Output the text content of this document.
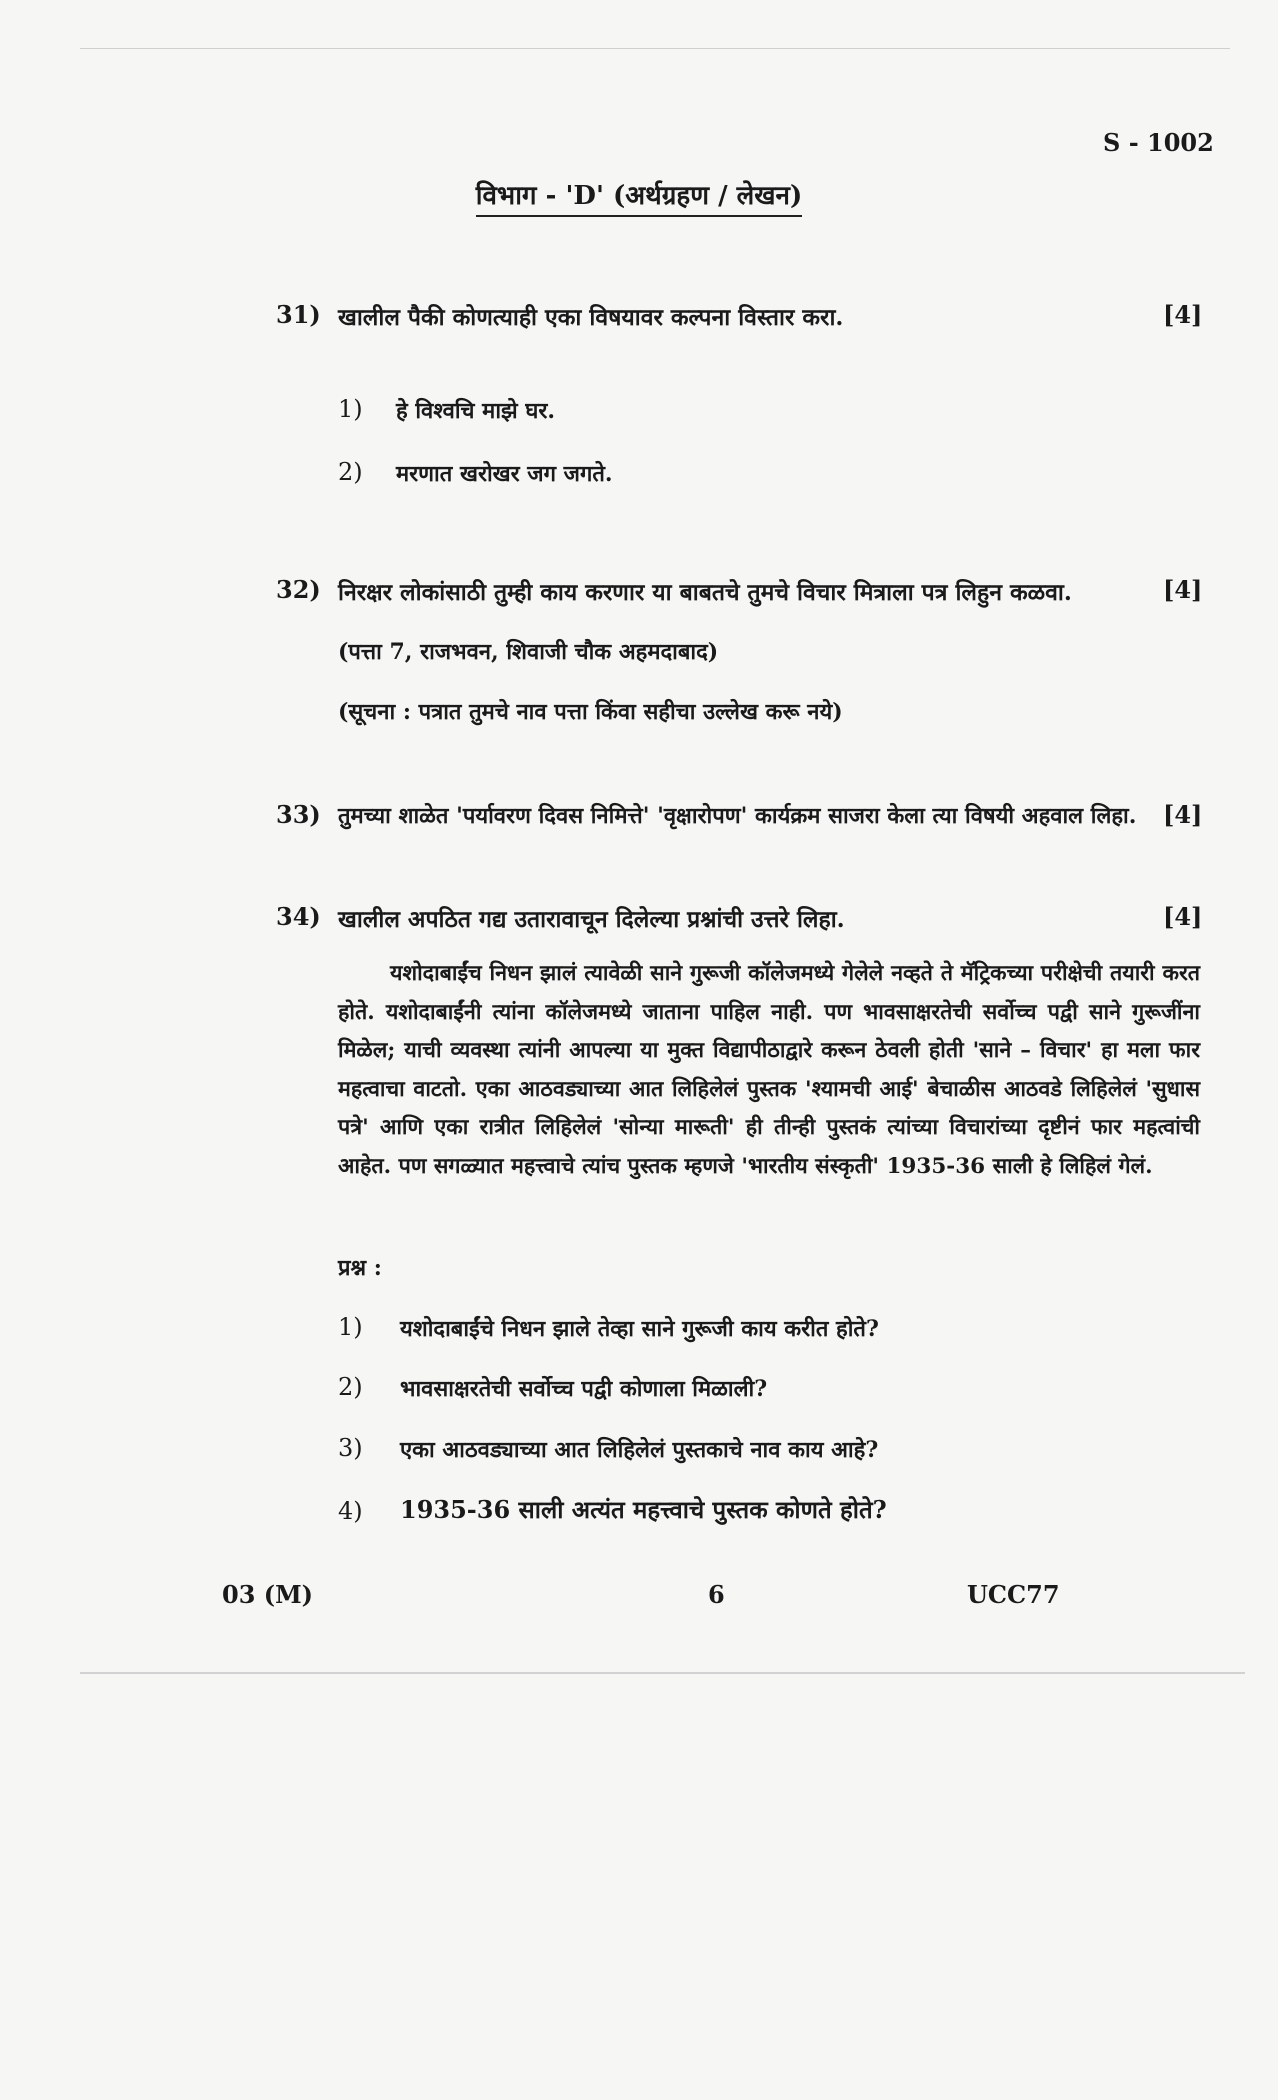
S - 1002
विभाग - 'D' (अर्थग्रहण / लेखन)
31) खालील पैकी कोणत्याही एका विषयावर कल्पना विस्तार करा.	[4]
1) हे विश्वचि माझे घर.
2) मरणात खरोखर जग जगते.
32) निरक्षर लोकांसाठी तुम्ही काय करणार या बाबतचे तुमचे विचार मित्राला पत्र लिहुन कळवा.	[4]
(पत्ता 7, राजभवन, शिवाजी चौक अहमदाबाद)
(सूचना : पत्रात तुमचे नाव पत्ता किंवा सहीचा उल्लेख करू नये)
33) तुमच्या शाळेत 'पर्यावरण दिवस निमित्ते' 'वृक्षारोपण' कार्यक्रम साजरा केला त्या विषयी अहवाल लिहा. [4]
34) खालील अपठित गद्य उतारावाचून दिलेल्या प्रश्नांची उत्तरे लिहा.	[4]
यशोदाबाईंच निधन झालं त्यावेळी साने गुरूजी कॉलेजमध्ये गेलेले नव्हते ते मॅट्रिकच्या परीक्षेची तयारी करत होते. यशोदाबाईंनी त्यांना कॉलेजमध्ये जाताना पाहिल नाही. पण भावसाक्षरतेची सर्वोच्च पद्वी साने गुरूजींना मिळेल; याची व्यवस्था त्यांनी आपल्या या मुक्त विद्यापीठाद्वारे करून ठेवली होती 'साने – विचार' हा मला फार महत्वाचा वाटतो. एका आठवड्याच्या आत लिहिलेलं पुस्तक 'श्यामची आई' बेचाळीस आठवडे लिहिलेलं 'सुधास पत्रे' आणि एका रात्रीत लिहिलेलं 'सोन्या मारूती' ही तीन्ही पुस्तकं त्यांच्या विचारांच्या दृष्टीनं फार महत्वांची आहेत. पण सगळ्यात महत्त्वाचे त्यांच पुस्तक म्हणजे 'भारतीय संस्कृती' 1935-36 साली हे लिहिलं गेलं.
प्रश्न :
1) यशोदाबाईंचे निधन झाले तेव्हा साने गुरूजी काय करीत होते?
2) भावसाक्षरतेची सर्वोच्च पद्वी कोणाला मिळाली?
3) एका आठवड्याच्या आत लिहिलेलं पुस्तकाचे नाव काय आहे?
4) 1935-36 साली अत्यंत महत्त्वाचे पुस्तक कोणते होते?
03 (M)	6	UCC77
